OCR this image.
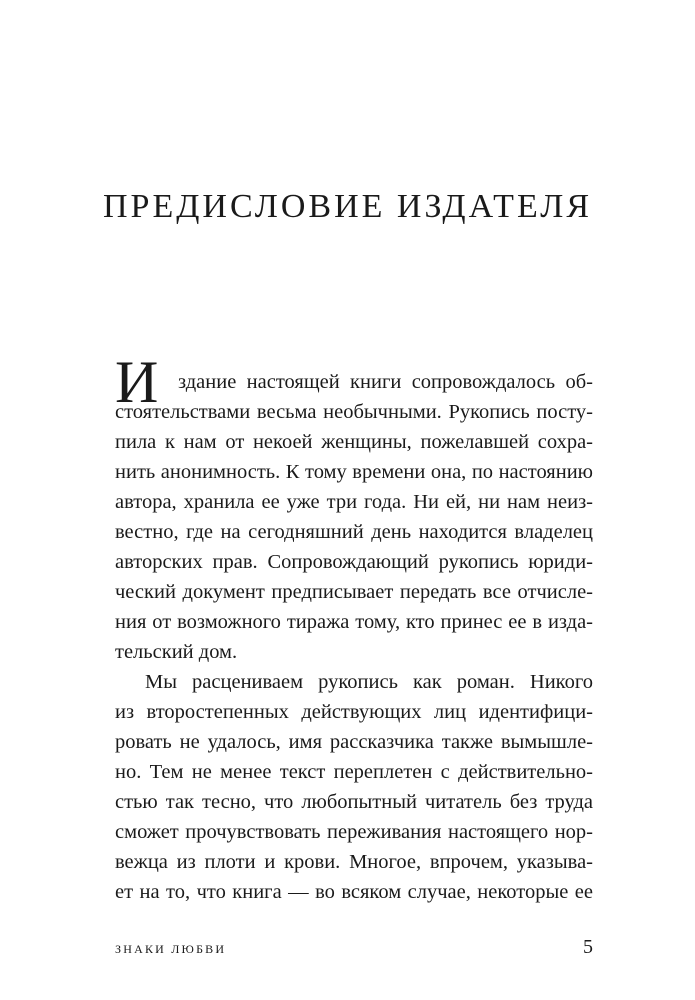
ПРЕДИСЛОВИЕ ИЗДАТЕЛЯ
И здание настоящей книги сопровождалось об-
стоятельствами весьма необычными. Рукопись посту-
пила к нам от некоей женщины, пожелавшей сохра-
нить анонимность. К тому времени она, по настоянию
автора, хранила ее уже три года. Ни ей, ни нам неиз-
вестно, где на сегодняшний день находится владелец
авторских прав. Сопровождающий рукопись юриди-
ческий документ предписывает передать все отчисле-
ния от возможного тиража тому, кто принес ее в изда-
тельский дом.
Мы расцениваем рукопись как роман. Никого
из второстепенных действующих лиц идентифици-
ровать не удалось, имя рассказчика также вымышле-
но. Тем не менее текст переплетен с действительно-
стью так тесно, что любопытный читатель без труда
сможет прочувствовать переживания настоящего нор-
вежца из плоти и крови. Многое, впрочем, указыва-
ет на то, что книга — во всяком случае, некоторые ее
ЗНАКИ ЛЮБВИ	5
